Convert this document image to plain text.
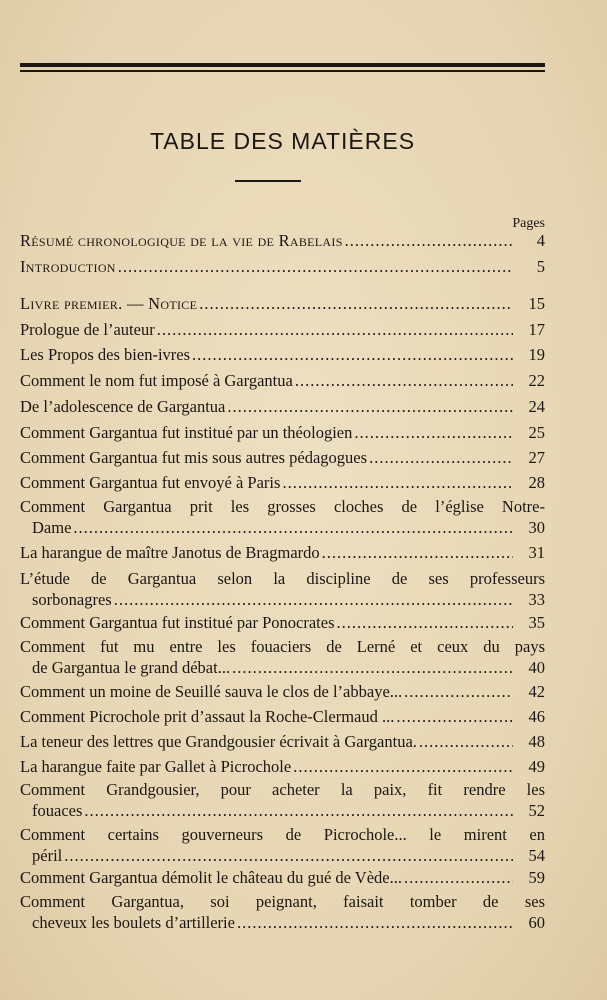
TABLE DES MATIÈRES
Pages
Résumé chronologique de la vie de Rabelais .....	4
Introduction .....	5
Livre premier. — Notice .....	15
Prologue de l’auteur .....	17
Les Propos des bien-ivres .....	19
Comment le nom fut imposé à Gargantua .....	22
De l’adolescence de Gargantua .....	24
Comment Gargantua fut institué par un théologien .....	25
Comment Gargantua fut mis sous autres pédagogues .....	27
Comment Gargantua fut envoyé à Paris .....	28
Comment Gargantua prit les grosses cloches de l’église Notre-
Dame .....	30
La harangue de maître Janotus de Bragmardo .....	31
L’étude de Gargantua selon la discipline de ses professeurs
sorbonagres .....	33
Comment Gargantua fut institué par Ponocrates .....	35
Comment fut mu entre les fouaciers de Lerné et ceux du pays
de Gargantua le grand débat... .....	40
Comment un moine de Seuillé sauva le clos de l’abbaye... .....	42
Comment Picrochole prit d’assaut la Roche-Clermaud ... .....	46
La teneur des lettres que Grandgousier écrivait à Gargantua. .....	48
La harangue faite par Gallet à Picrochole .....	49
Comment Grandgousier, pour acheter la paix, fit rendre les
fouaces .....	52
Comment certains gouverneurs de Picrochole... le mirent en
péril .....	54
Comment Gargantua démolit le château du gué de Vède... .....	59
Comment Gargantua, soi peignant, faisait tomber de ses
cheveux les boulets d’artillerie .....	60
